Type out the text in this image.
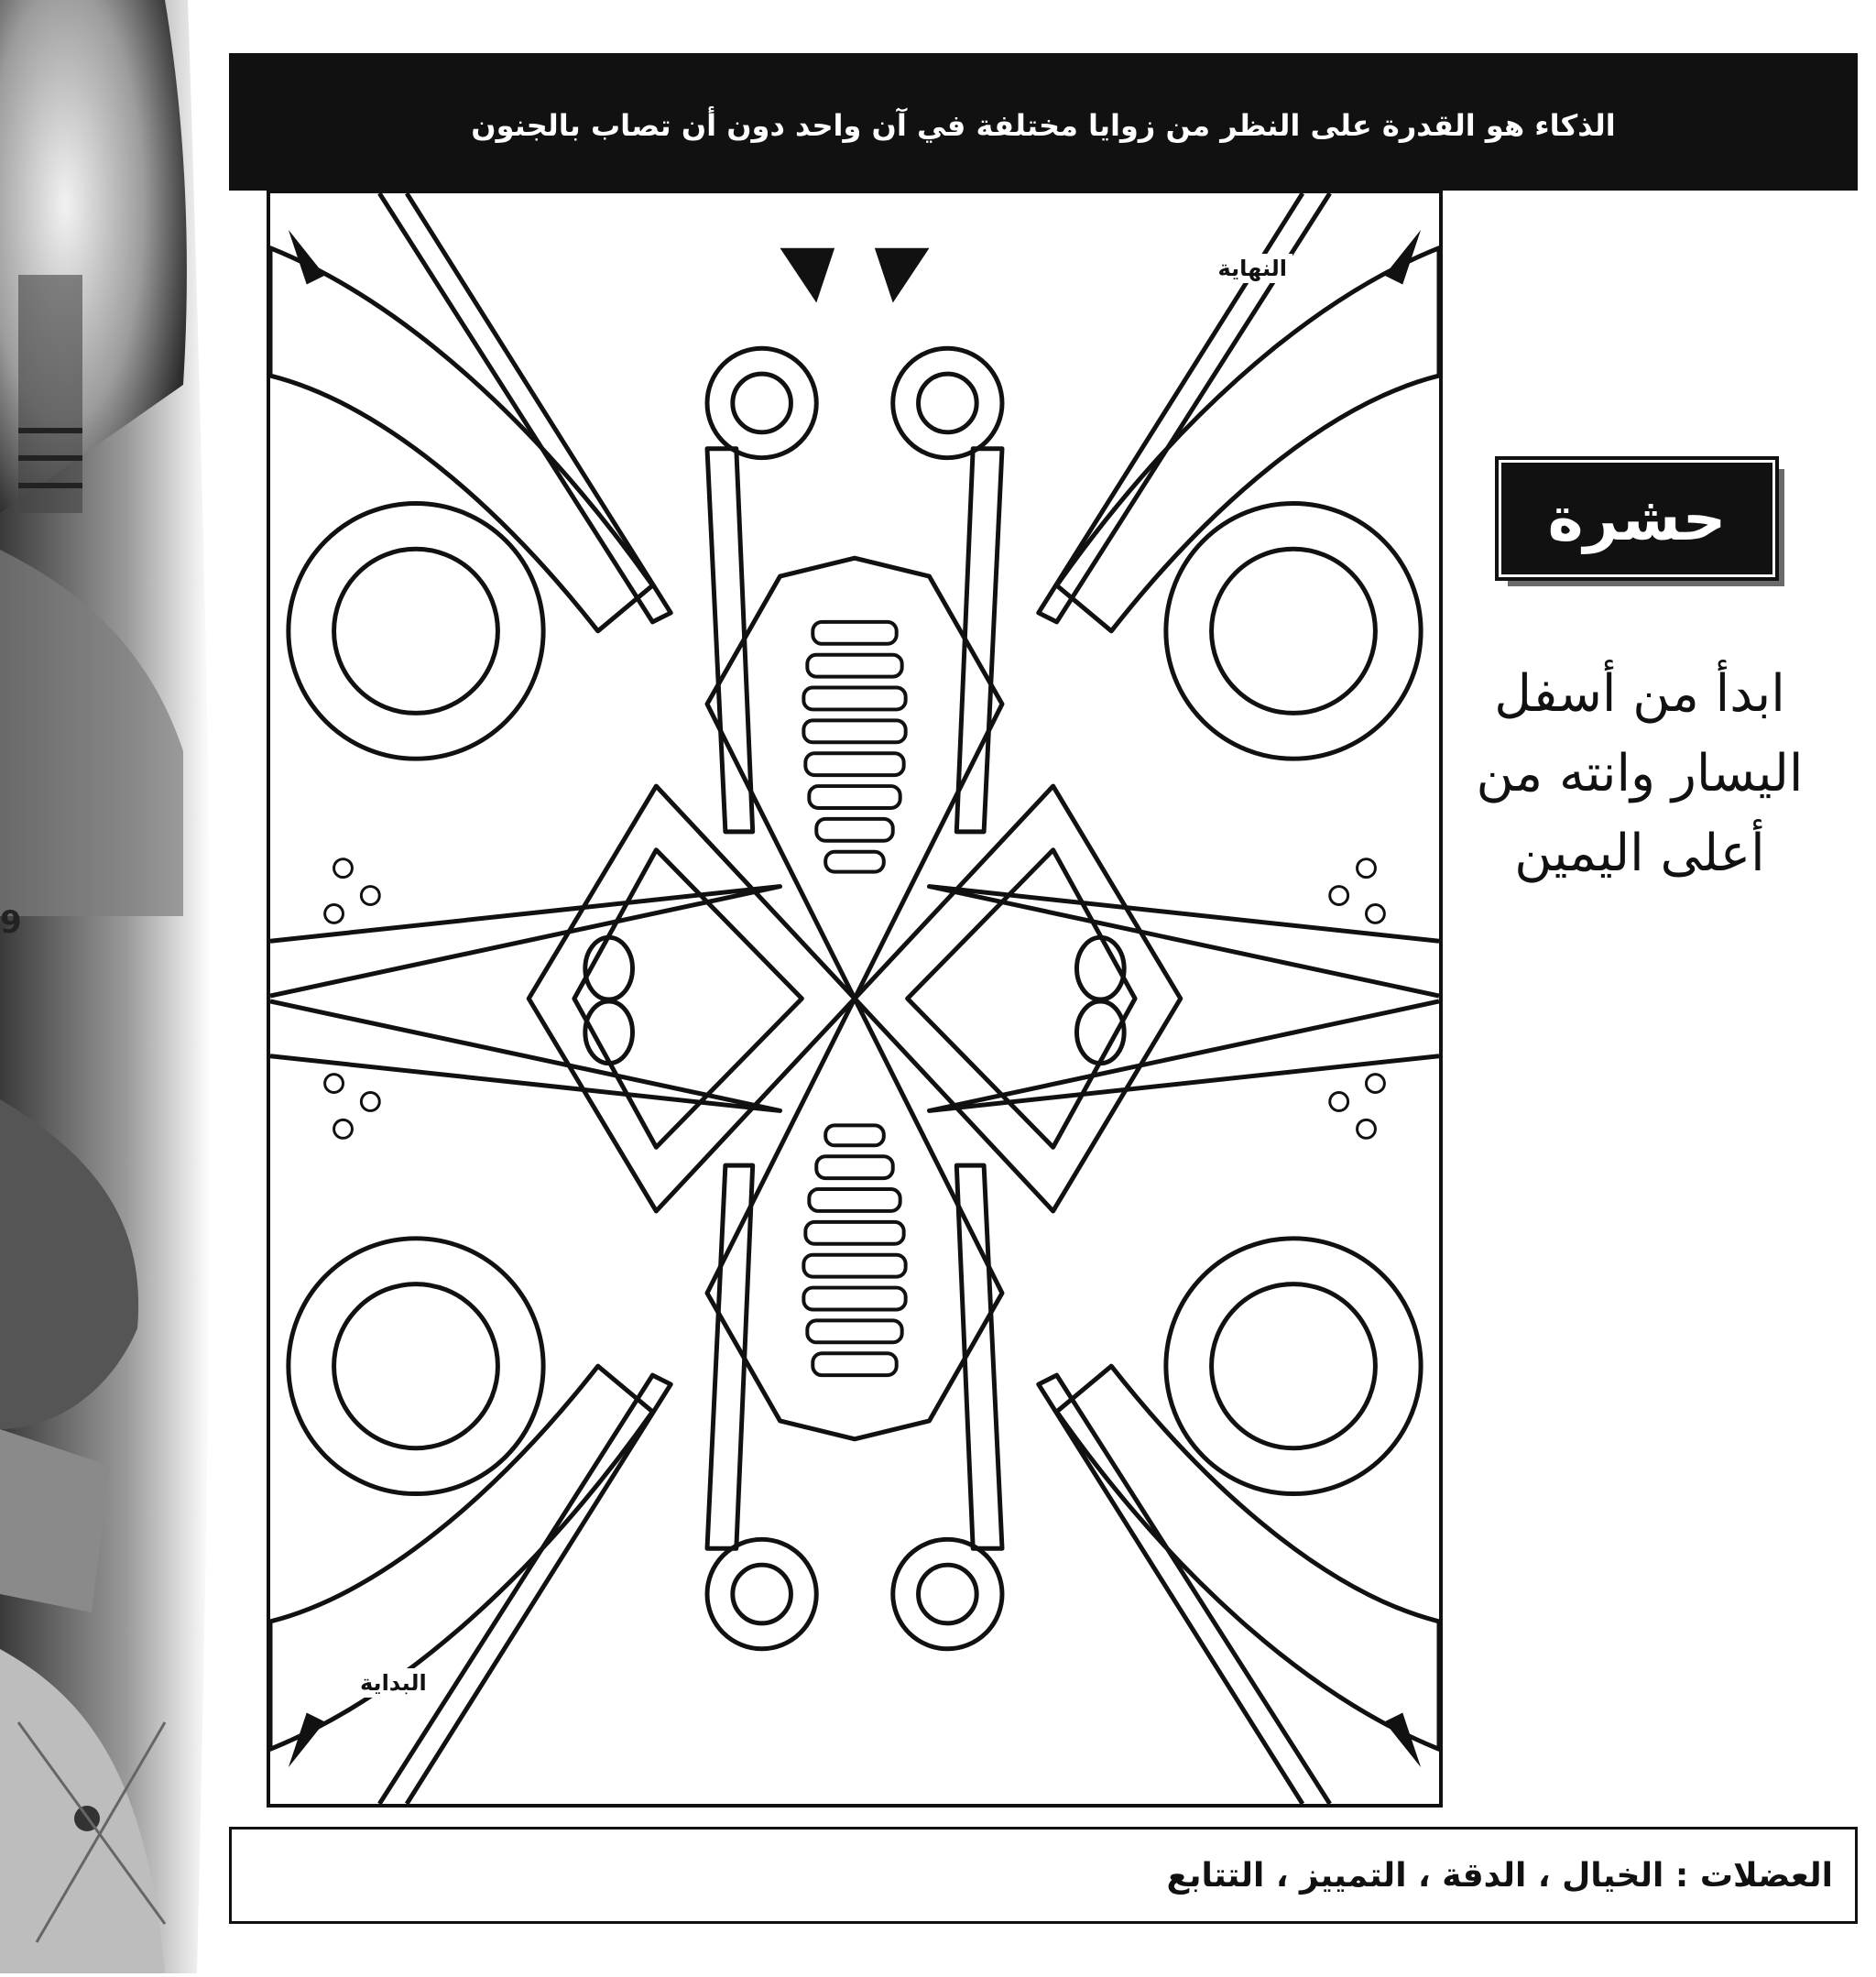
9
الذكاء هو القدرة على النظر من زوايا مختلفة في آن واحد دون أن تصاب بالجنون
النهاية
البداية
حشرة
ابدأ من أسفل
اليسار وانته من
أعلى اليمين
العضلات : الخيال ، الدقة ، التمييز ، التتابع
